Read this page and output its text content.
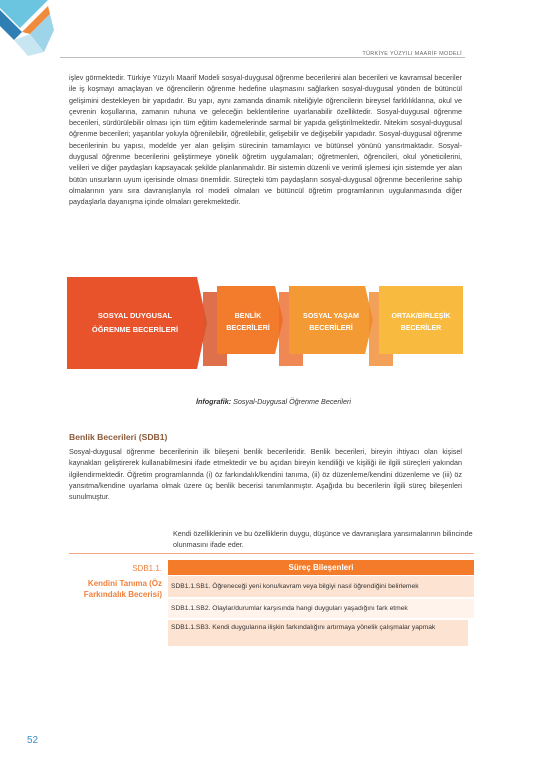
TÜRKİYE YÜZYILI MAARİF MODELİ
işlev görmektedir. Türkiye Yüzyılı Maarif Modeli sosyal-duygusal öğrenme becerilerini alan becerileri ve kavramsal beceriler ile iş koşmayı amaçlayan ve öğrencilerin öğrenme hedefine ulaşmasını sağlarken sosyal-duygusal yönden de bütüncül gelişimini destekleyen bir yapıdadır. Bu yapı, aynı zamanda dinamik niteliğiyle öğrencilerin bireysel farklılıklarına, okul ve çevrenin koşullarına, zamanın ruhuna ve geleceğin beklentilerine uyarlanabilir özelliktedir. Sosyal-duygusal öğrenme becerileri, sürdürülebilir olması için tüm eğitim kademelerinde sarmal bir yapıda geliştirilmektedir. Nitekim sosyal-duygusal öğrenme becerileri; yaşantılar yoluyla öğrenilebilir, öğretilebilir, gelişebilir ve değişebilir yapıdadır. Sosyal-duygusal öğrenme becerilerinin bu yapısı, modelde yer alan gelişim sürecinin tamamlayıcı ve bütünsel yönünü yansıtmaktadır. Sosyal-duygusal öğrenme becerilerini geliştirmeye yönelik öğretim uygulamaları; öğretmenleri, öğrencileri, okul yöneticilerini, velileri ve diğer paydaşları kapsayacak şekilde planlanmalıdır. Bir sistemin düzenli ve verimli işlemesi için sistemde yer alan bütün unsurların uyum içerisinde olması önemlidir. Süreçteki tüm paydaşların sosyal-duygusal öğrenme becerilerine sahip olmalarının yanı sıra davranışlarıyla rol modeli olmaları ve bütüncül öğretim programlarının uygulanmasında diğer paydaşlarla dayanışma içinde olmaları gerekmektedir.
SOSYAL DUYGUSAL
ÖĞRENME BECERİLERİ
BENLİK
BECERİLERİ
SOSYAL YAŞAM
BECERİLERİ
ORTAK/BİRLEŞİK
BECERİLER
İnfografik: Sosyal-Duygusal Öğrenme Becerileri
Benlik Becerileri (SDB1)
Sosyal-duygusal öğrenme becerilerinin ilk bileşeni benlik becerileridir. Benlik becerileri, bireyin ihtiyacı olan kişisel kaynakları geliştirerek kullanabilmesini ifade etmektedir ve bu açıdan bireyin kendiliği ve kişiliği ile ilgili süreçleri yakından ilgilendirmektedir. Öğretim programlarında (i) öz farkındalık/kendini tanıma, (ii) öz düzenleme/kendini düzenleme ve (iii) öz yansıtma/kendine uyarlama olmak üzere üç benlik becerisi tanımlanmıştır. Aşağıda bu becerilerin ilgili süreç bileşenleri sunulmuştur.
Kendi özelliklerinin ve bu özelliklerin duygu, düşünce ve davranışlara yansımalarının bilincinde olunmasını ifade eder.
SDB1.1.
Kendini Tanıma (Öz Farkındalık Becerisi)
Süreç Bileşenleri
SDB1.1.SB1. Öğreneceği yeni konu/kavram veya bilgiyi nasıl öğrendiğini belirlemek
SDB1.1.SB2. Olaylar/durumlar karşısında hangi duyguları yaşadığını fark etmek
SDB1.1.SB3. Kendi duygularına ilişkin farkındalığını artırmaya yönelik çalışmalar yapmak
52
